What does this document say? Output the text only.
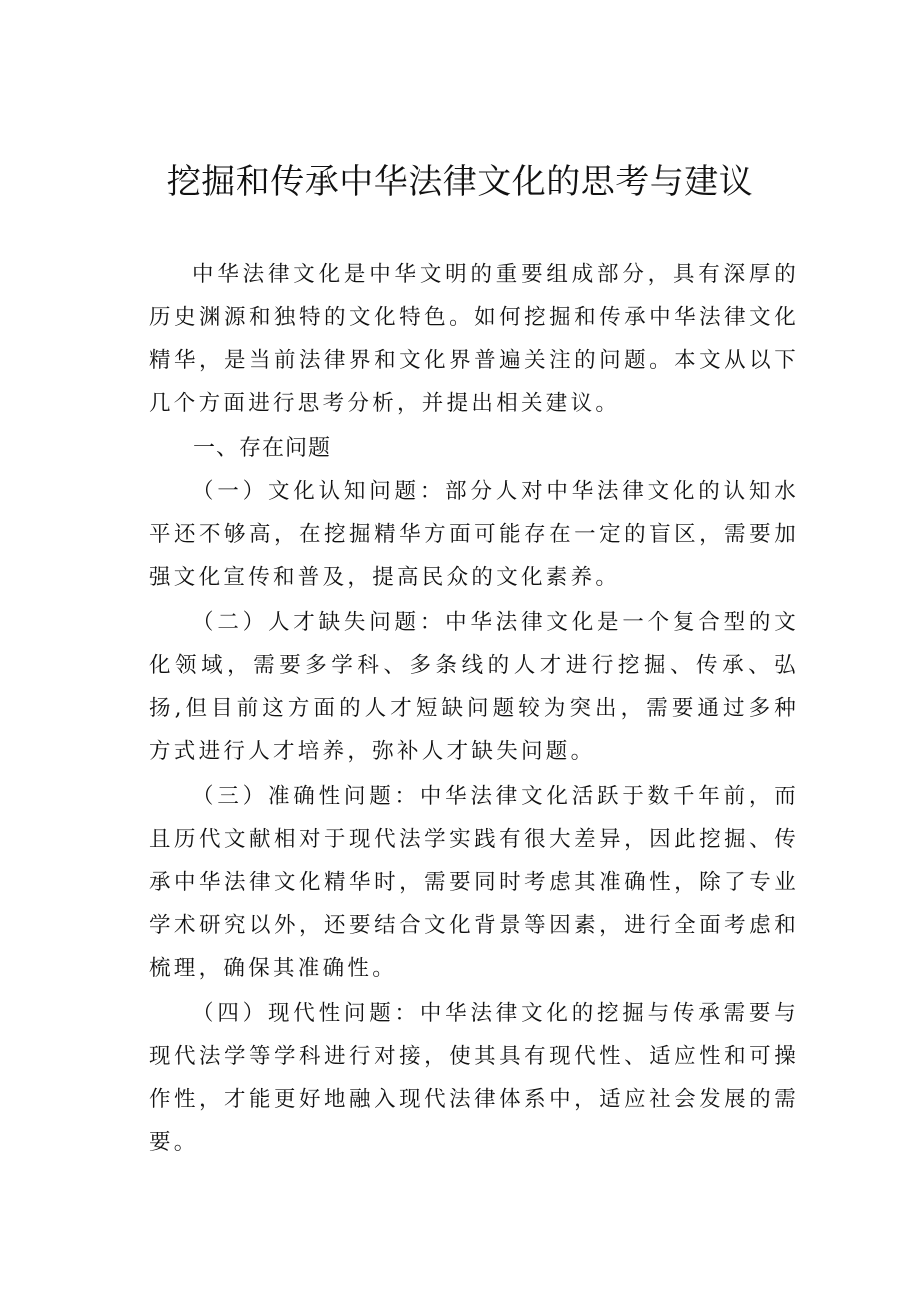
挖掘和传承中华法律文化的思考与建议

中华法律文化是中华文明的重要组成部分，具有深厚的历史渊源和独特的文化特色。如何挖掘和传承中华法律文化精华，是当前法律界和文化界普遍关注的问题。本文从以下几个方面进行思考分析，并提出相关建议。

一、存在问题

（一）文化认知问题：部分人对中华法律文化的认知水平还不够高，在挖掘精华方面可能存在一定的盲区，需要加强文化宣传和普及，提高民众的文化素养。

（二）人才缺失问题：中华法律文化是一个复合型的文化领域，需要多学科、多条线的人才进行挖掘、传承、弘扬,但目前这方面的人才短缺问题较为突出，需要通过多种方式进行人才培养，弥补人才缺失问题。

（三）准确性问题：中华法律文化活跃于数千年前，而且历代文献相对于现代法学实践有很大差异，因此挖掘、传承中华法律文化精华时，需要同时考虑其准确性，除了专业学术研究以外，还要结合文化背景等因素，进行全面考虑和梳理，确保其准确性。

（四）现代性问题：中华法律文化的挖掘与传承需要与现代法学等学科进行对接，使其具有现代性、适应性和可操作性，才能更好地融入现代法律体系中，适应社会发展的需要。
